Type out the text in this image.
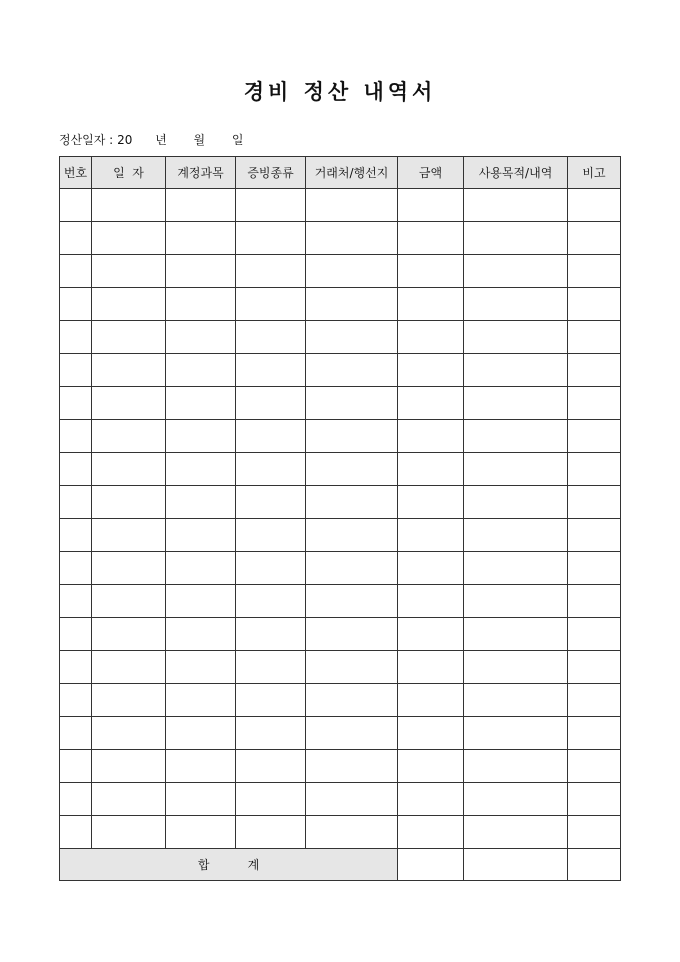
경비 정산 내역서
정산일자 : 20 년 월 일
번호	일  자	계정과목	증빙종류	거래처/행선지	금액	사용목적/내역	비고

합          계							
